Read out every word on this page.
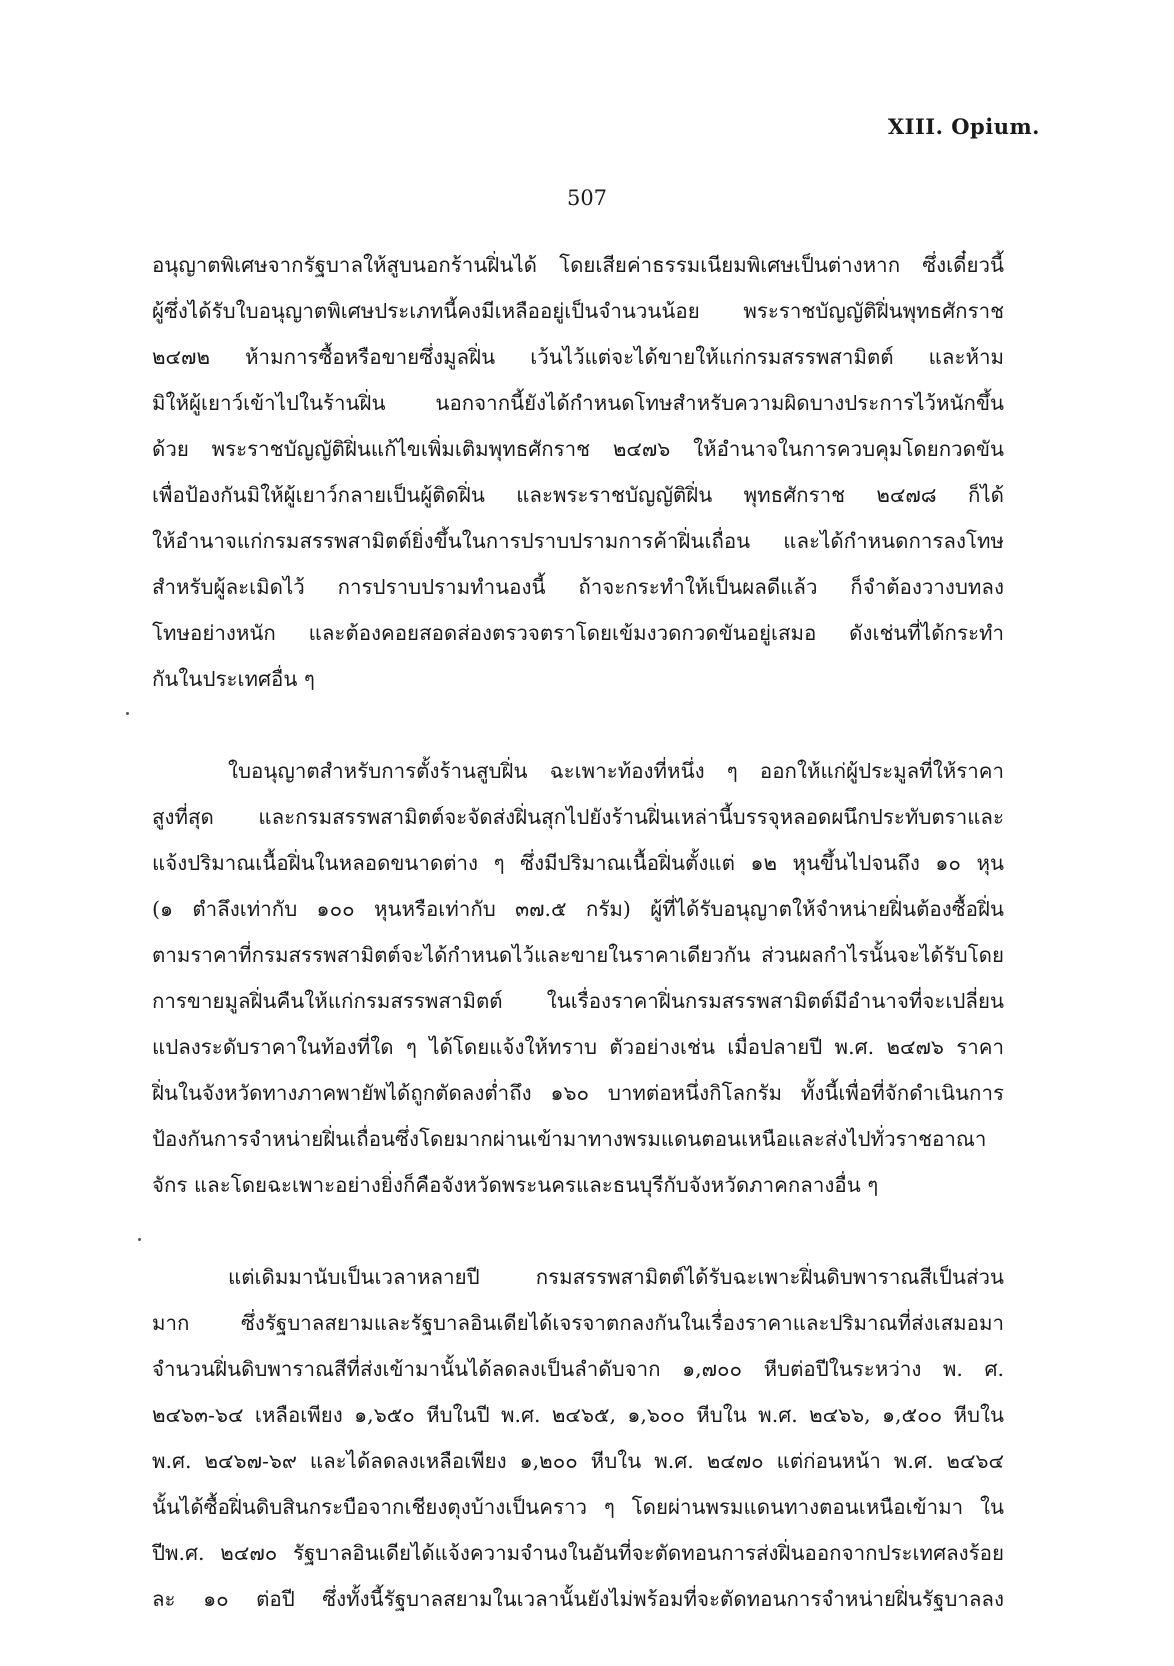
XIII. Opium.
507
อนุญาตพิเศษจากรัฐบาลให้สูบนอกร้านฝิ่นได้ โดยเสียค่าธรรมเนียมพิเศษเป็นต่างหาก ซึ่งเดี๋ยวนี้
ผู้ซึ่งได้รับใบอนุญาตพิเศษประเภทนี้คงมีเหลืออยู่เป็นจำนวนน้อย พระราชบัญญัติฝิ่นพุทธศักราช
๒๔๗๒ ห้ามการซื้อหรือขายซึ่งมูลฝิ่น เว้นไว้แต่จะได้ขายให้แก่กรมสรรพสามิตต์ และห้าม
มิให้ผู้เยาว์เข้าไปในร้านฝิ่น นอกจากนี้ยังได้กำหนดโทษสำหรับความผิดบางประการไว้หนักขึ้น
ด้วย พระราชบัญญัติฝิ่นแก้ไขเพิ่มเติมพุทธศักราช ๒๔๗๖ ให้อำนาจในการควบคุมโดยกวดขัน
เพื่อป้องกันมิให้ผู้เยาว์กลายเป็นผู้ติดฝิ่น และพระราชบัญญัติฝิ่น พุทธศักราช ๒๔๗๘ ก็ได้
ให้อำนาจแก่กรมสรรพสามิตต์ยิ่งขึ้นในการปราบปรามการค้าฝิ่นเถื่อน และได้กำหนดการลงโทษ
สำหรับผู้ละเมิดไว้ การปราบปรามทำนองนี้ ถ้าจะกระทำให้เป็นผลดีแล้ว ก็จำต้องวางบทลง
โทษอย่างหนัก และต้องคอยสอดส่องตรวจตราโดยเข้มงวดกวดขันอยู่เสมอ ดังเช่นที่ได้กระทำ
กันในประเทศอื่น ๆ
ใบอนุญาตสำหรับการตั้งร้านสูบฝิ่น ฉะเพาะท้องที่หนึ่ง ๆ ออกให้แก่ผู้ประมูลที่ให้ราคา
สูงที่สุด และกรมสรรพสามิตต์จะจัดส่งฝิ่นสุกไปยังร้านฝิ่นเหล่านี้บรรจุหลอดผนึกประทับตราและ
แจ้งปริมาณเนื้อฝิ่นในหลอดขนาดต่าง ๆ ซึ่งมีปริมาณเนื้อฝิ่นตั้งแต่ ๑๒ หุนขึ้นไปจนถึง ๑๐ หุน
(๑ ตำลึงเท่ากับ ๑๐๐ หุนหรือเท่ากับ ๓๗.๕ กรัม) ผู้ที่ได้รับอนุญาตให้จำหน่ายฝิ่นต้องซื้อฝิ่น
ตามราคาที่กรมสรรพสามิตต์จะได้กำหนดไว้และขายในราคาเดียวกัน ส่วนผลกำไรนั้นจะได้รับโดย
การขายมูลฝิ่นคืนให้แก่กรมสรรพสามิตต์ ในเรื่องราคาฝิ่นกรมสรรพสามิตต์มีอำนาจที่จะเปลี่ยน
แปลงระดับราคาในท้องที่ใด ๆ ได้โดยแจ้งให้ทราบ ตัวอย่างเช่น เมื่อปลายปี พ.ศ. ๒๔๗๖ ราคา
ฝิ่นในจังหวัดทางภาคพายัพได้ถูกตัดลงต่ำถึง ๑๖๐ บาทต่อหนึ่งกิโลกรัม ทั้งนี้เพื่อที่จักดำเนินการ
ป้องกันการจำหน่ายฝิ่นเถื่อนซึ่งโดยมากผ่านเข้ามาทางพรมแดนตอนเหนือและส่งไปทั่วราชอาณา
จักร และโดยฉะเพาะอย่างยิ่งก็คือจังหวัดพระนครและธนบุรีกับจังหวัดภาคกลางอื่น ๆ
แต่เดิมมานับเป็นเวลาหลายปี กรมสรรพสามิตต์ได้รับฉะเพาะฝิ่นดิบพาราณสีเป็นส่วน
มาก ซึ่งรัฐบาลสยามและรัฐบาลอินเดียได้เจรจาตกลงกันในเรื่องราคาและปริมาณที่ส่งเสมอมา
จำนวนฝิ่นดิบพาราณสีที่ส่งเข้ามานั้นได้ลดลงเป็นลำดับจาก ๑,๗๐๐ หีบต่อปีในระหว่าง พ. ศ.
๒๔๖๓-๖๔ เหลือเพียง ๑,๖๕๐ หีบในปี พ.ศ. ๒๔๖๕, ๑,๖๐๐ หีบใน พ.ศ. ๒๔๖๖, ๑,๕๐๐ หีบใน
พ.ศ. ๒๔๖๗-๖๙ และได้ลดลงเหลือเพียง ๑,๒๐๐ หีบใน พ.ศ. ๒๔๗๐ แต่ก่อนหน้า พ.ศ. ๒๔๖๔
นั้นได้ซื้อฝิ่นดิบสินกระบือจากเชียงตุงบ้างเป็นคราว ๆ โดยผ่านพรมแดนทางตอนเหนือเข้ามา ใน
ปีพ.ศ. ๒๔๗๐ รัฐบาลอินเดียได้แจ้งความจำนงในอันที่จะตัดทอนการส่งฝิ่นออกจากประเทศลงร้อย
ละ ๑๐ ต่อปี ซึ่งทั้งนี้รัฐบาลสยามในเวลานั้นยังไม่พร้อมที่จะตัดทอนการจำหน่ายฝิ่นรัฐบาลลง
